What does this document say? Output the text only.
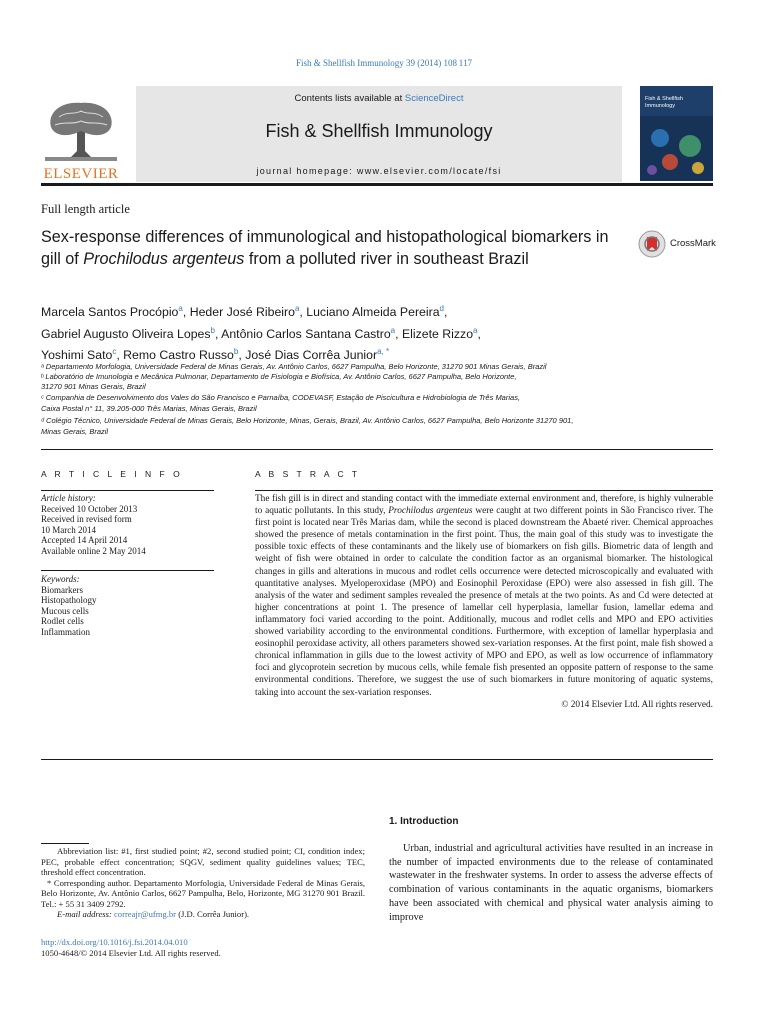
Fish & Shellfish Immunology 39 (2014) 108 117
ELSEVIER
Contents lists available at ScienceDirect
Fish & Shellfish Immunology
journal homepage: www.elsevier.com/locate/fsi
Fish & Shellfish
Immunology
Full length article
Sex-response differences of immunological and histopathological biomarkers in gill of Prochilodus argenteus from a polluted river in southeast Brazil
CrossMark
Marcela Santos Procópio$^a$, Heder José Ribeiro$^a$, Luciano Almeida Pereira$^d$,
Gabriel Augusto Oliveira Lopes$^b$, Antônio Carlos Santana Castro$^a$, Elizete Rizzo$^a$,
Yoshimi Sato$^c$, Remo Castro Russo$^b$, José Dias Corrêa Junior$^{a, *}$
ᵃ Departamento Morfologia, Universidade Federal de Minas Gerais, Av. Antônio Carlos, 6627 Pampulha, Belo Horizonte, 31270 901 Minas Gerais, Brazil
ᵇ Laboratório de Imunologia e Mecânica Pulmonar, Departamento de Fisiologia e Biofísica, Av. Antônio Carlos, 6627 Pampulha, Belo Horizonte,
31270 901 Minas Gerais, Brazil
ᶜ Companhia de Desenvolvimento dos Vales do São Francisco e Parnaíba, CODEVASF, Estação de Piscicultura e Hidrobiologia de Três Marias,
Caixa Postal n° 11, 39.205-000 Três Marias, Minas Gerais, Brazil
ᵈ Colégio Técnico, Universidade Federal de Minas Gerais, Belo Horizonte, Minas, Gerais, Brazil, Av. Antônio Carlos, 6627 Pampulha, Belo Horizonte 31270 901,
Minas Gerais, Brazil
A R T I C L E I N F O
Article history:
Received 10 October 2013
Received in revised form
10 March 2014
Accepted 14 April 2014
Available online 2 May 2014
Keywords:
Biomarkers
Histopathology
Mucous cells
Rodlet cells
Inflammation
A B S T R A C T
The fish gill is in direct and standing contact with the immediate external environment and, therefore, is highly vulnerable to aquatic pollutants. In this study, Prochilodus argenteus were caught at two different points in São Francisco river. The first point is located near Três Marias dam, while the second is placed downstream the Abaeté river. Chemical approaches showed the presence of metals contamination in the first point. Thus, the main goal of this study was to investigate the possible toxic effects of these contaminants and the likely use of biomarkers on fish gills. Biometric data of length and weight of fish were obtained in order to calculate the condition factor as an organismal biomarker. The histological changes in gills and alterations in mucous and rodlet cells occurrence were detected microscopically and evaluated with quantitative analyses. Myeloperoxidase (MPO) and Eosinophil Peroxidase (EPO) were also assessed in fish gill. The analysis of the water and sediment samples revealed the presence of metals at the two points. As and Cd were detected at higher concentrations at point 1. The presence of lamellar cell hyperplasia, lamellar fusion, lamellar edema and inflammatory foci varied according to the point. Additionally, mucous and rodlet cells and MPO and EPO activities showed variability according to the environmental conditions. Furthermore, with exception of lamellar hyperplasia and eosinophil peroxidase activity, all others parameters showed sex-variation responses. At the first point, male fish showed a chronical inflammation in gills due to the lowest activity of MPO and EPO, as well as low occurrence of inflammatory foci and glycoprotein secretion by mucous cells, while female fish presented an opposite pattern of response to the same environmental conditions. Therefore, we suggest the use of such biomarkers in future monitoring of aquatic systems, taking into account the sex-variation responses.
© 2014 Elsevier Ltd. All rights reserved.
Abbreviation list: #1, first studied point; #2, second studied point; CI, condition index; PEC, probable effect concentration; SQGV, sediment quality guidelines values; TEC, threshold effect concentration.
* Corresponding author. Departamento Morfologia, Universidade Federal de Minas Gerais, Belo Horizonte, Av. Antônio Carlos, 6627 Pampulha, Belo, Horizonte, MG 31270 901 Brazil. Tel.: + 55 31 3409 2792.
E-mail address: correajr@ufmg.br (J.D. Corrêa Junior).
http://dx.doi.org/10.1016/j.fsi.2014.04.010
1050-4648/© 2014 Elsevier Ltd. All rights reserved.
1. Introduction
Urban, industrial and agricultural activities have resulted in an increase in the number of impacted environments due to the release of contaminated wastewater in the freshwater systems. In order to assess the adverse effects of combination of various contaminants in the aquatic organisms, biomarkers have been associated with chemical and physical water analysis aiming to improve
